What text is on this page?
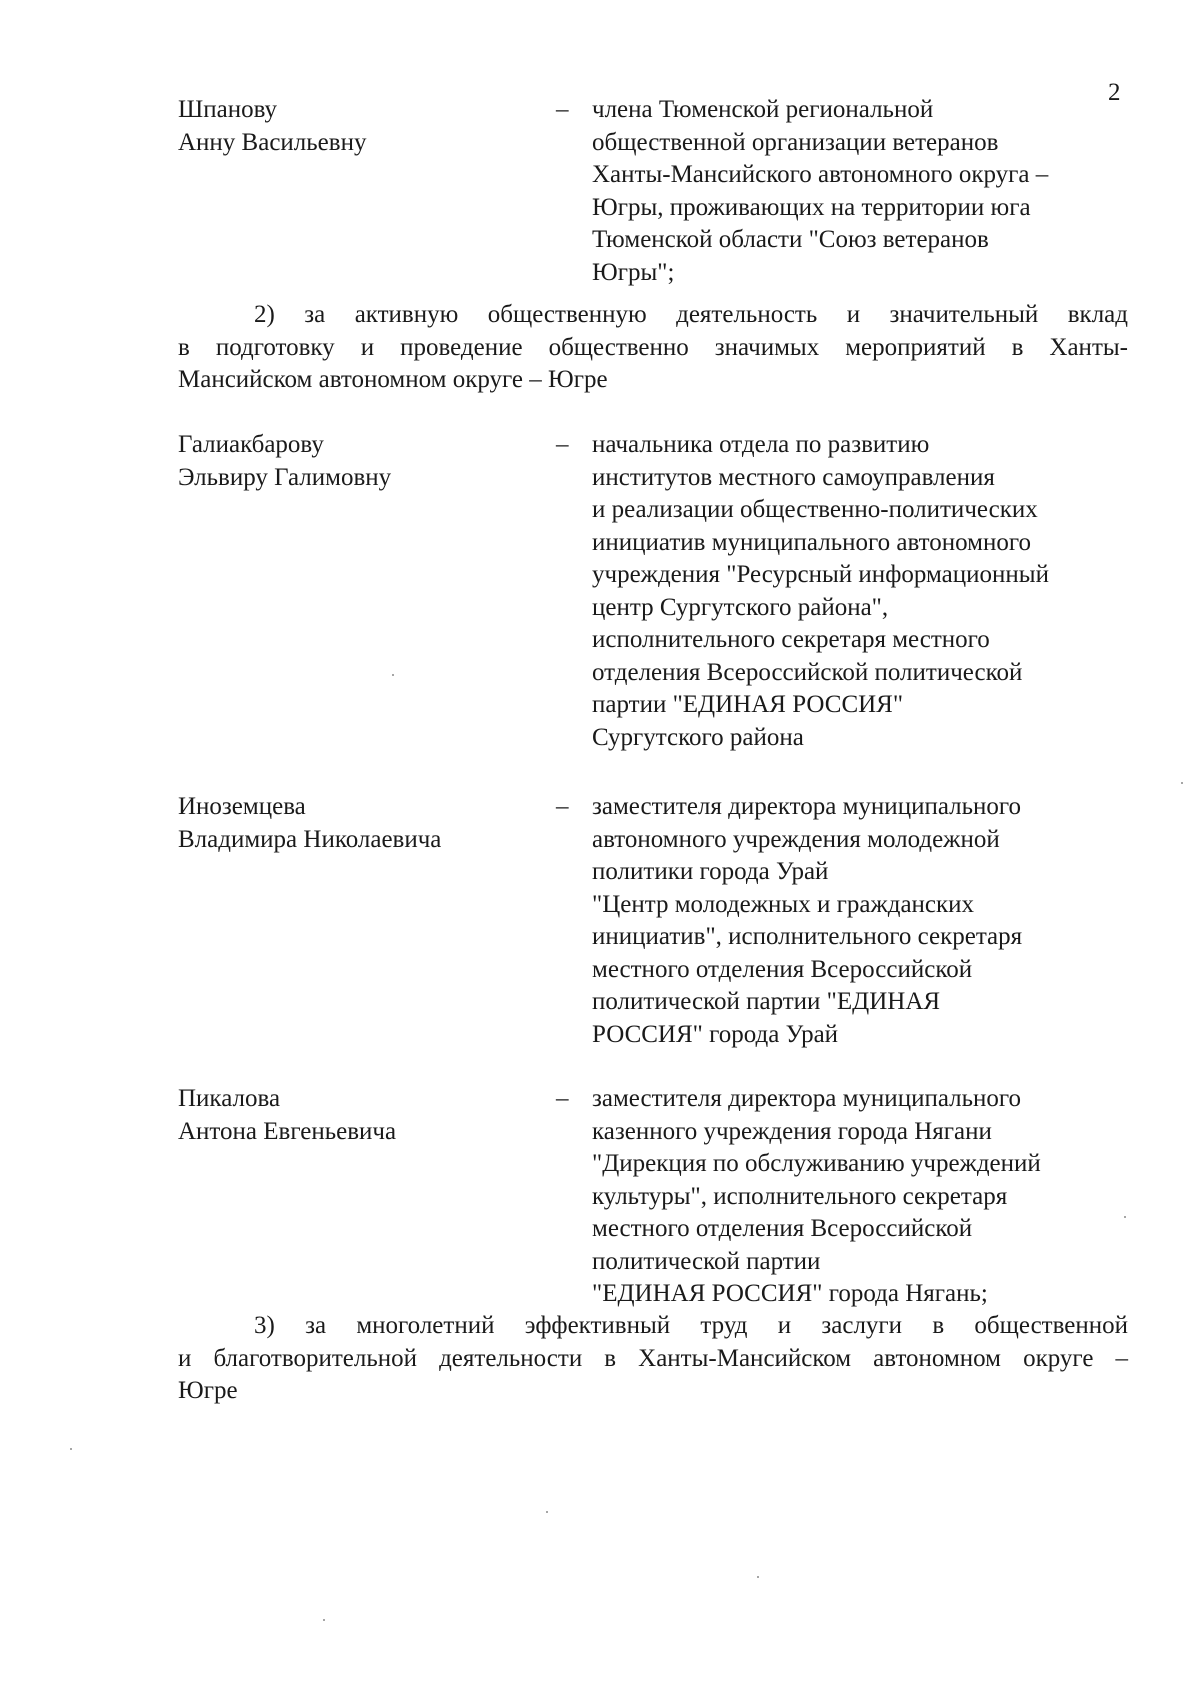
2
Шпанову
Анну Васильевну
– члена Тюменской региональной
общественной организации ветеранов
Ханты-Мансийского автономного округа –
Югры, проживающих на территории юга
Тюменской области "Союз ветеранов
Югры";
2) за активную общественную деятельность и значительный вклад
в подготовку и проведение общественно значимых мероприятий в Ханты-
Мансийском автономном округе – Югре
Галиакбарову
Эльвиру Галимовну
– начальника отдела по развитию
институтов местного самоуправления
и реализации общественно-политических
инициатив муниципального автономного
учреждения "Ресурсный информационный
центр Сургутского района",
исполнительного секретаря местного
отделения Всероссийской политической
партии "ЕДИНАЯ РОССИЯ"
Сургутского района
Иноземцева
Владимира Николаевича
– заместителя директора муниципального
автономного учреждения молодежной
политики города Урай
"Центр молодежных и гражданских
инициатив", исполнительного секретаря
местного отделения Всероссийской
политической партии "ЕДИНАЯ
РОССИЯ" города Урай
Пикалова
Антона Евгеньевича
– заместителя директора муниципального
казенного учреждения города Нягани
"Дирекция по обслуживанию учреждений
культуры", исполнительного секретаря
местного отделения Всероссийской
политической партии
"ЕДИНАЯ РОССИЯ" города Нягань;
3) за многолетний эффективный труд и заслуги в общественной
и благотворительной деятельности в Ханты-Мансийском автономном округе –
Югре
